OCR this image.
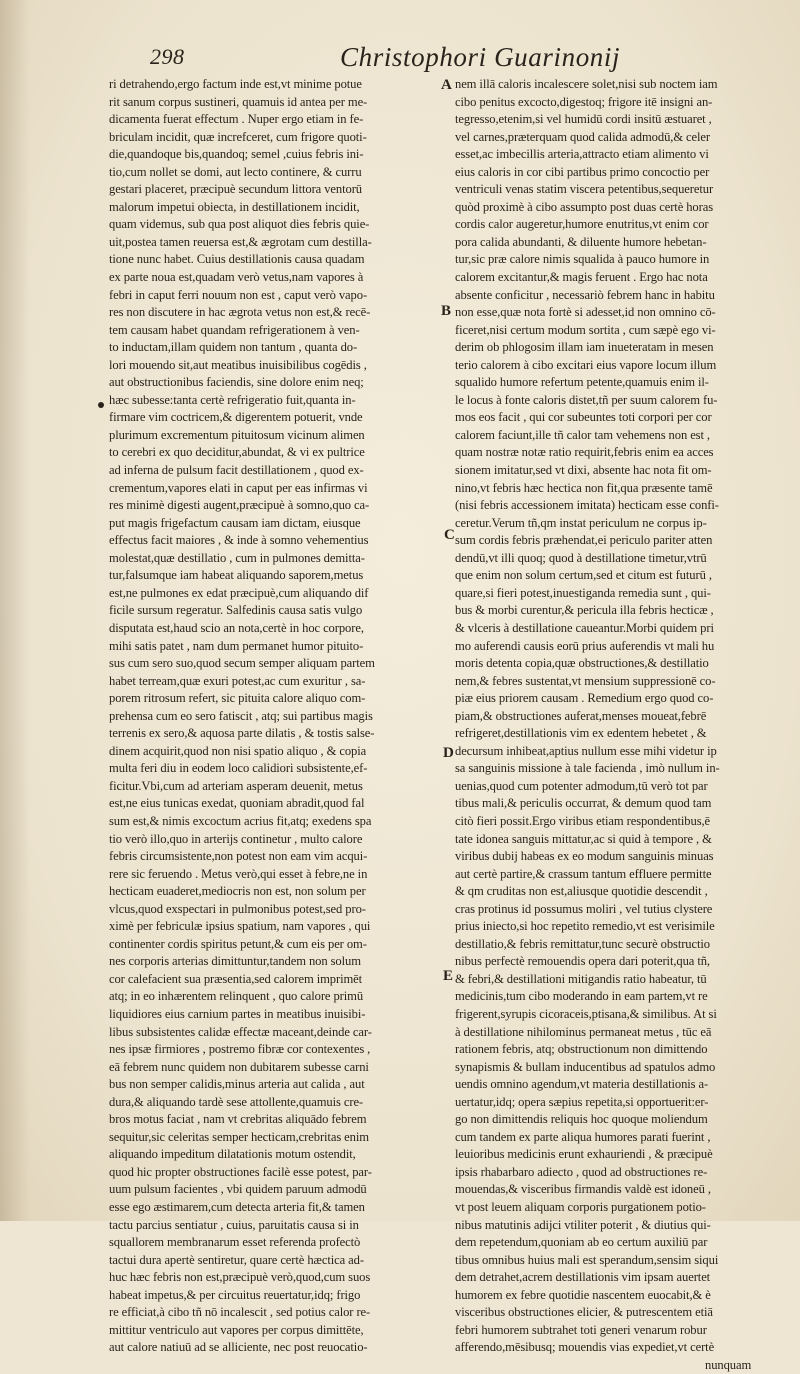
298	Christophori Guarinonij
ri detrahendo,ergo factum inde est,vt minime potue
rit sanum corpus sustineri, quamuis id antea per me-
dicamenta fuerat effectum . Nuper ergo etiam in fe-
briculam incidit, quæ increfceret, cum frigore quoti-
die,quandoque bis,quandoq; semel ,cuius febris ini-
tio,cum nollet se domi, aut lecto continere, & curru
gestari placeret, præcipuè secundum littora ventorū
malorum impetui obiecta, in destillationem incidit,
quam videmus, sub qua post aliquot dies febris quie-
uit,postea tamen reuersa est,& ægrotam cum destilla-
tione nunc habet. Cuius destillationis causa quadam
ex parte noua est,quadam verò vetus,nam vapores à
febri in caput ferri nouum non est , caput verò vapo-
res non discutere in hac ægrota vetus non est,& recē-
tem causam habet quandam refrigerationem à ven-
to inductam,illam quidem non tantum , quanta do-
lori mouendo sit,aut meatibus inuisibilibus cogēdis ,
aut obstructionibus faciendis, sine dolore enim neq;
hæc subesse:tanta certè refrigeratio fuit,quanta in-
firmare vim coctricem,& digerentem potuerit, vnde
plurimum excrementum pituitosum vicinum alimen
to cerebri ex quo deciditur,abundat, & vi ex pultrice
ad inferna de pulsum facit destillationem , quod ex-
crementum,vapores elati in caput per eas infirmas vi
res minimè digesti augent,præcipuè à somno,quo ca-
put magis frigefactum causam iam dictam, eiusque
effectus facit maiores , & inde à somno vehementius
molestat,quæ destillatio , cum in pulmones demitta-
tur,falsumque iam habeat aliquando saporem,metus
est,ne pulmones ex edat præcipuè,cum aliquando dif
ficile sursum regeratur. Salfedinis causa satis vulgo
disputata est,haud scio an nota,certè in hoc corpore,
mihi satis patet , nam dum permanet humor pituito-
sus cum sero suo,quod secum semper aliquam partem
habet terream,quæ exuri potest,ac cum exuritur , sa-
porem ritrosum refert, sic pituita calore aliquo com-
prehensa cum eo sero fatiscit , atq; sui partibus magis
terrenis ex sero,& aquosa parte dilatis , & tostis salse-
dinem acquirit,quod non nisi spatio aliquo , & copia
multa feri diu in eodem loco calidiori subsistente,ef-
ficitur.Vbi,cum ad arteriam asperam deuenit, metus
est,ne eius tunicas exedat, quoniam abradit,quod fal
sum est,& nimis excoctum acrius fit,atq; exedens spa
tio verò illo,quo in arterijs continetur , multo calore
febris circumsistente,non potest non eam vim acqui-
rere sic feruendo . Metus verò,qui esset à febre,ne in
hecticam euaderet,mediocris non est, non solum per
vlcus,quod exspectari in pulmonibus potest,sed pro-
ximè per febriculæ ipsius spatium, nam vapores , qui
continenter cordis spiritus petunt,& cum eis per om-
nes corporis arterias dimittuntur,tandem non solum
cor calefacient sua præsentia,sed calorem imprimēt
atq; in eo inhærentem relinquent , quo calore primū
liquidiores eius carnium partes in meatibus inuisibi-
libus subsistentes calidæ effectæ maceant,deinde car-
nes ipsæ firmiores , postremo fibræ cor contexentes ,
eā febrem nunc quidem non dubitarem subesse carni
bus non semper calidis,minus arteria aut calida , aut
dura,& aliquando tardè sese attollente,quamuis cre-
bros motus faciat , nam vt crebritas aliquādo febrem
sequitur,sic celeritas semper hecticam,crebritas enim
aliquando impeditum dilatationis motum ostendit,
quod hic propter obstructiones facilè esse potest, par-
uum pulsum facientes , vbi quidem paruum admodū
esse ego æstimarem,cum detecta arteria fit,& tamen
tactu parcius sentiatur , cuius, paruitatis causa si in
squallorem membranarum esset referenda profectò
tactui dura apertè sentiretur, quare certè hæctica ad-
huc hæc febris non est,præcipuè verò,quod,cum suos
habeat impetus,& per circuitus reuertatur,idq; frigo
re efficiat,à cibo tñ nō incalescit , sed potius calor re-
mittitur ventriculo aut vapores per corpus dimittēte,
aut calore natiuū ad se alliciente, nec post reuocatio-
nem illā caloris incalescere solet,nisi sub noctem iam
cibo penitus excocto,digestoq; frigore itē insigni an-
tegresso,etenim,si vel humidū cordi insitū æstuaret ,
vel carnes,præterquam quod calida admodū,& celer
esset,ac imbecillis arteria,attracto etiam alimento vi
eius caloris in cor cibi partibus primo concoctio per
ventriculi venas statim viscera petentibus,sequeretur
quòd proximè à cibo assumpto post duas certè horas
cordis calor augeretur,humore enutritus,vt enim cor
pora calida abundanti, & diluente humore hebetan-
tur,sic præ calore nimis squalida à pauco humore in
calorem excitantur,& magis feruent . Ergo hac nota
absente conficitur , necessariò febrem hanc in habitu
non esse,quæ nota fortè si adesset,id non omnino cō-
ficeret,nisi certum modum sortita , cum sæpè ego vi-
derim ob phlogosim illam iam inueteratam in mesen
terio calorem à cibo excitari eius vapore locum illum
squalido humore refertum petente,quamuis enim il-
le locus à fonte caloris distet,tñ per suum calorem fu-
mos eos facit , qui cor subeuntes toti corpori per cor
calorem faciunt,ille tñ calor tam vehemens non est ,
quam nostræ notæ ratio requirit,febris enim ea acces
sionem imitatur,sed vt dixi, absente hac nota fit om-
nino,vt febris hæc hectica non fit,qua præsente tamē
(nisi febris accessionem imitata) hecticam esse confi-
ceretur.Verum tñ,qm instat periculum ne corpus ip-
sum cordis febris præhendat,ei periculo pariter atten
dendū,vt illi quoq; quod à destillatione timetur,vtrū
que enim non solum certum,sed et citum est futurū ,
quare,si fieri potest,inuestiganda remedia sunt , qui-
bus & morbi curentur,& pericula illa febris hecticæ ,
& vlceris à destillatione caueantur.Morbi quidem pri
mo auferendi causis eorū prius auferendis vt mali hu
moris detenta copia,quæ obstructiones,& destillatio
nem,& febres sustentat,vt mensium suppressionē co-
piæ eius priorem causam . Remedium ergo quod co-
piam,& obstructiones auferat,menses moueat,febrē
refrigeret,destillationis vim ex edentem hebetet , &
decursum inhibeat,aptius nullum esse mihi videtur ip
sa sanguinis missione à tale facienda , imò nullum in-
uenias,quod cum potenter admodum,tū verò tot par
tibus mali,& periculis occurrat, & demum quod tam
citò fieri possit.Ergo viribus etiam respondentibus,ē
tate idonea sanguis mittatur,ac si quid à tempore , &
viribus dubij habeas ex eo modum sanguinis minuas
aut certè partire,& crassum tantum effluere permitte
& qm cruditas non est,aliusque quotidie descendit ,
cras protinus id possumus moliri , vel tutius clystere
prius iniecto,si hoc repetito remedio,vt est verisimile
destillatio,& febris remittatur,tunc securè obstructio
nibus perfectè remouendis opera dari poterit,qua tñ,
& febri,& destillationi mitigandis ratio habeatur, tū
medicinis,tum cibo moderando in eam partem,vt re
frigerent,syrupis cicoraceis,ptisana,& similibus. At si
à destillatione nihilominus permaneat metus , tūc eā
rationem febris, atq; obstructionum non dimittendo
synapismis & bullam inducentibus ad spatulos admo
uendis omnino agendum,vt materia destillationis a-
uertatur,idq; opera sæpius repetita,si opportuerit:er-
go non dimittendis reliquis hoc quoque moliendum
cum tandem ex parte aliqua humores parati fuerint ,
leuioribus medicinis erunt exhauriendi , & præcipuè
ipsis rhabarbaro adiecto , quod ad obstructiones re-
mouendas,& visceribus firmandis valdè est idoneū ,
vt post leuem aliquam corporis purgationem potio-
nibus matutinis adijci vtiliter poterit , & diutius qui-
dem repetendum,quoniam ab eo certum auxiliū par
tibus omnibus huius mali est sperandum,sensim siqui
dem detrahet,acrem destillationis vim ipsam auertet
humorem ex febre quotidie nascentem euocabit,& è
visceribus obstructiones elicier, & putrescentem etiā
febri humorem subtrahet toti generi venarum robur
afferendo,mēsibusq; mouendis vias expediet,vt certè
nunquam
A
B
C
D
E
